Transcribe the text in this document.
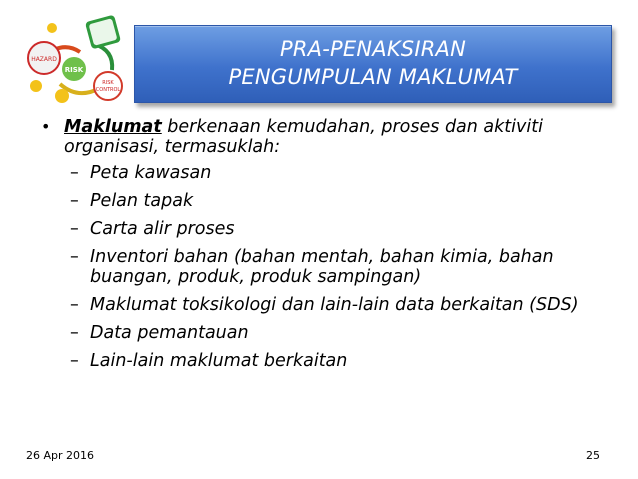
RISK
CONTROL
HAZARD
RISK
PRA-PENAKSIRAN
PENGUMPULAN MAKLUMAT
• Maklumat berkenaan kemudahan, proses dan aktiviti organisasi, termasuklah:
– Peta kawasan
– Pelan tapak
– Carta alir proses
– Inventori bahan (bahan mentah, bahan kimia, bahan buangan, produk, produk sampingan)
– Maklumat toksikologi dan lain-lain data berkaitan (SDS)
– Data pemantauan
– Lain-lain maklumat berkaitan
26 Apr 2016	25
